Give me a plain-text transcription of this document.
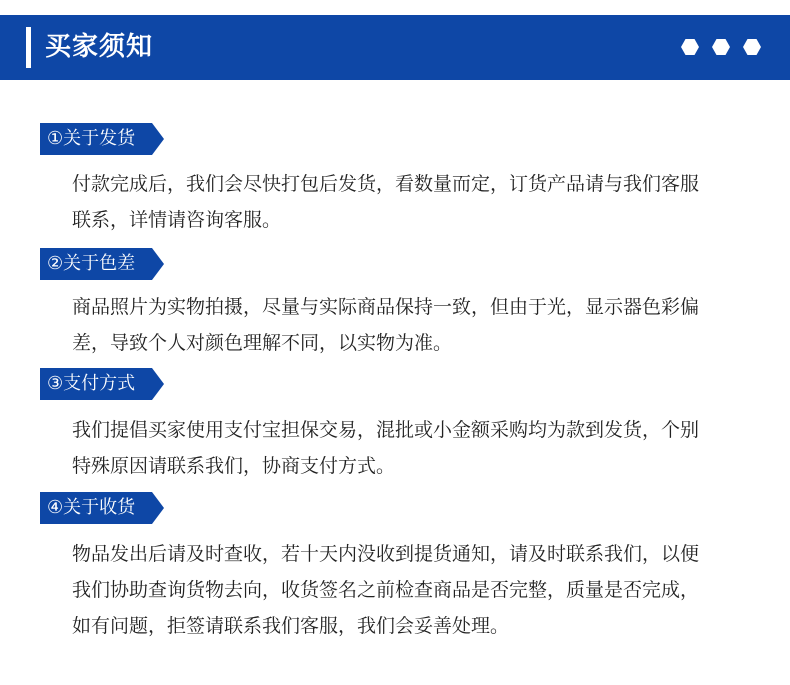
买家须知
①关于发货

付款完成后，我们会尽快打包后发货，看数量而定，订货产品请与我们客服

联系，详情请咨询客服。

②关于色差

商品照片为实物拍摄，尽量与实际商品保持一致，但由于光，显示器色彩偏

差，导致个人对颜色理解不同，以实物为准。

③支付方式

我们提倡买家使用支付宝担保交易，混批或小金额采购均为款到发货，个别

特殊原因请联系我们，协商支付方式。

④关于收货

物品发出后请及时查收，若十天内没收到提货通知，请及时联系我们，以便

我们协助查询货物去向，收货签名之前检查商品是否完整，质量是否完成，

如有问题，拒签请联系我们客服，我们会妥善处理。
